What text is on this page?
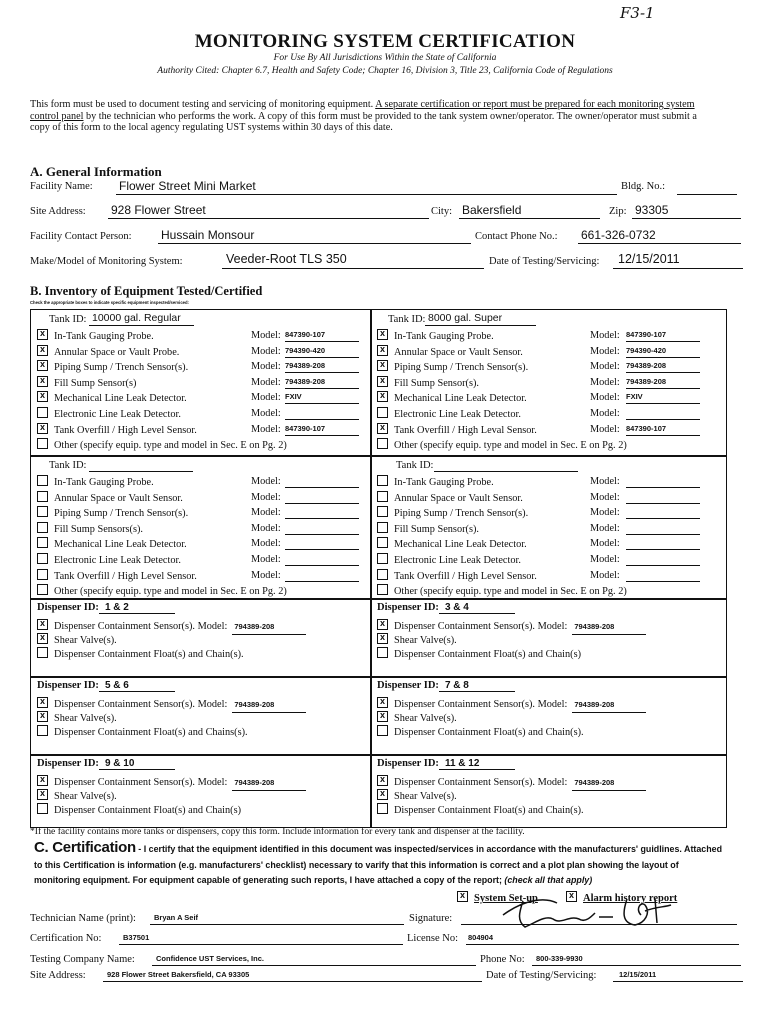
F3-1
MONITORING SYSTEM CERTIFICATION
For Use By All Jurisdictions Within the State of California
Authority Cited: Chapter 6.7, Health and Safety Code; Chapter 16, Division 3, Title 23, California Code of Regulations
This form must be used to document testing and servicing of monitoring equipment. A separate certification or report must be prepared for each monitoring system control panel by the technician who performs the work. A copy of this form must be provided to the tank system owner/operator. The owner/operator must submit a copy of this form to the local agency regulating UST systems within 30 days of this date.
A. General Information
Facility Name: Flower Street Mini Market	Bldg. No.:
Site Address: 928 Flower Street	City: Bakersfield	Zip: 93305
Facility Contact Person: Hussain Monsour	Contact Phone No.: 661-326-0732
Make/Model of Monitoring System:	Veeder-Root TLS 350	Date of Testing/Servicing:	12/15/2011
B. Inventory of Equipment Tested/Certified
Check the appropriate boxes to indicate specific equipment inspected/serviced:
Tank ID: 10000 gal. Regular
xIn-Tank Gauging Probe.	Model: 847390-107
xAnnular Space or Vault Probe.	Model: 794390-420
xPiping Sump / Trench Sensor(s).	Model: 794389-208
xFill Sump Sensor(s)	Model: 794389-208
xMechanical Line Leak Detector.	Model: FXIV
Electronic Line Leak Detector.	Model:
xTank Overfill / High Level Sensor.	Model: 847390-107
Other (specify equip. type and model in Sec. E on Pg. 2)
Tank ID: 8000 gal. Super
xIn-Tank Gauging Probe.	Model: 847390-107
xAnnular Space or Vault Sensor.	Model: 794390-420
xPiping Sump / Trench Sensor(s).	Model: 794389-208
xFill Sump Sensor(s).	Model: 794389-208
xMechanical Line Leak Detector.	Model: FXIV
Electronic Line Leak Detector.	Model:
xTank Overfill / High Leval Sensor.	Model: 847390-107
Other (specify equip. type and model in Sec. E on Pg. 2)
Tank ID:
In-Tank Gauging Probe.	Model:
Annular Space or Vault Sensor.	Model:
Piping Sump / Trench Sensor(s).	Model:
Fill Sump Sensors(s).	Model:
Mechanical Line Leak Detector.	Model:
Electronic Line Leak Detector.	Model:
Tank Overfill / High Level Sensor.	Model:
Other (specify equip. type and model in Sec. E on Pg. 2)
Tank ID:
In-Tank Gauging Probe.	Model:
Annular Space or Vault Sensor.	Model:
Piping Sump / Trench Sensor(s).	Model:
Fill Sump Sensor(s).	Model:
Mechanical Line Leak Detector.	Model:
Electronic Line Leak Detector.	Model:
Tank Overfill / High Level Sensor.	Model:
Other (specify equip. type and model in Sec. E on Pg. 2)
Dispenser ID: 1 & 2
xDispenser Containment Sensor(s). Model: 794389-208
xShear Valve(s).
Dispenser Containment Float(s) and Chain(s).
Dispenser ID: 3 & 4
xDispenser Containment Sensor(s). Model: 794389-208
xShear Valve(s).
Dispenser Containment Float(s) and Chain(s)
Dispenser ID: 5 & 6
xDispenser Containment Sensor(s). Model: 794389-208
xShear Valve(s).
Dispenser Containment Float(s) and Chains(s).
Dispenser ID: 7 & 8
xDispenser Containment Sensor(s). Model: 794389-208
xShear Valve(s).
Dispenser Containment Float(s) and Chain(s).
Dispenser ID: 9 & 10
xDispenser Containment Sensor(s). Model: 794389-208
xShear Valve(s).
Dispenser Containment Float(s) and Chain(s)
Dispenser ID: 11 & 12
xDispenser Containment Sensor(s). Model: 794389-208
xShear Valve(s).
Dispenser Containment Float(s) and Chain(s).
*If the facility contains more tanks or dispensers, copy this form. Include information for every tank and dispenser at the facility.
C. Certification - I certify that the equipment identified in this document was inspected/services in accordance with the manufacturers' guidlines. Attached to this Certification is information (e.g. manufacturers' checklist) necessary to varify that this information is correct and a plot plan showing the layout of monitoring equipment. For equipment capable of generating such reports, I have attached a copy of the report; (check all that apply)
xSystem Set-up
x	Alarm history report
Technician Name (print):	Bryan A Seif	Signature:
Certification No:	B37501	License No: 804904
Testing Company Name:	Confidence UST Services, Inc.	Phone No:	800-339-9930
Site Address:	928 Flower Street Bakersfield, CA 93305	Date of Testing/Servicing:	12/15/2011
